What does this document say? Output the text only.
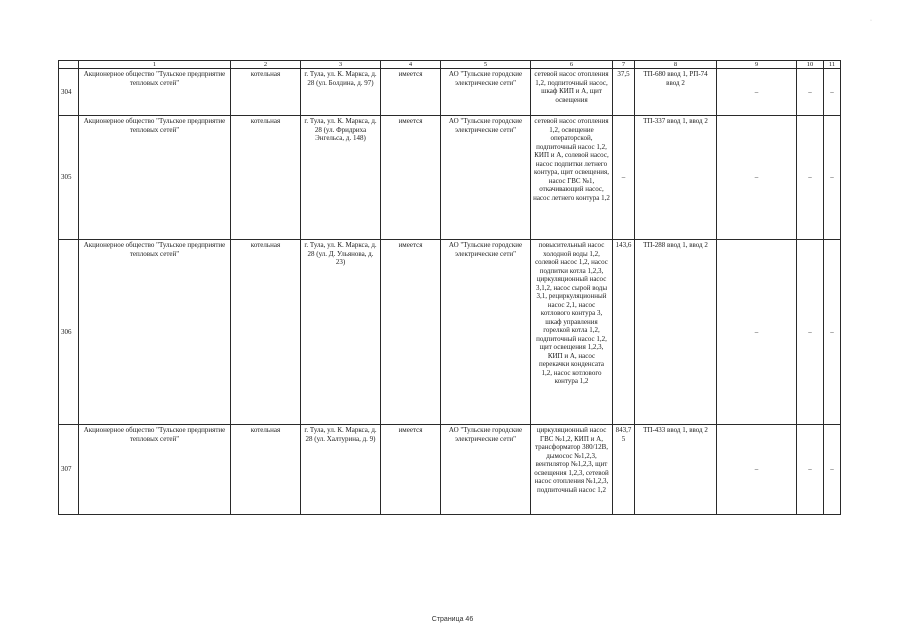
	1	2	3	4	5	6	7	8	9	10	11
304	Акционерное общество "Тульское предприятие тепловых сетей"	котельная	г. Тула, ул. К. Маркса, д. 28 (ул. Болдина, д. 97)	имеется	АО "Тульские городские электрические сети"	сетевой насос отопления 1,2, подпиточный насос, шкаф КИП и А, щит освещения	37,5	ТП-680 ввод 1, РП-74 ввод 2	–	–	–
305	Акционерное общество "Тульское предприятие тепловых сетей"	котельная	г. Тула, ул. К. Маркса, д. 28 (ул. Фридриха Энгельса, д. 148)	имеется	АО "Тульские городские электрические сети"	сетевой насос отопления 1,2, освещение операторской, подпиточный насос 1,2, КИП и А, солевой насос, насос подпитки летнего контура, щит освещения, насос ГВС №1, откачивающий насос, насос летнего контура 1,2	–	ТП-337 ввод 1, ввод 2	–	–	–
306	Акционерное общество "Тульское предприятие тепловых сетей"	котельная	г. Тула, ул. К. Маркса, д. 28 (ул. Д. Ульянова, д. 23)	имеется	АО "Тульские городские электрические сети"	повысительный насос холодной воды 1,2, солевой насос 1,2, насос подпитки котла 1,2,3, циркуляционный насос 3,1,2, насос сырой воды 3,1, рециркуляционный насос 2,1, насос котлового контура 3, шкаф управления горелкой котла 1,2, подпиточный насос 1,2, щит освещения 1,2,3, КИП и А, насос перекачки конденсата 1,2, насос котлового контура 1,2	143,6	ТП-288 ввод 1, ввод 2	–	–	–
307	Акционерное общество "Тульское предприятие тепловых сетей"	котельная	г. Тула, ул. К. Маркса, д. 28 (ул. Халтурина, д. 9)	имеется	АО "Тульские городские электрические сети"	циркуляционный насос ГВС №1,2, КИП и А, трансформатор 380/12В, дымосос №1,2,3, вентилятор №1,2,3, щит освещения 1,2,3, сетевой насос отопления №1,2,3, подпиточный насос 1,2	843,75	ТП-433 ввод 1, ввод 2	–	–	–
·
Страница 46
